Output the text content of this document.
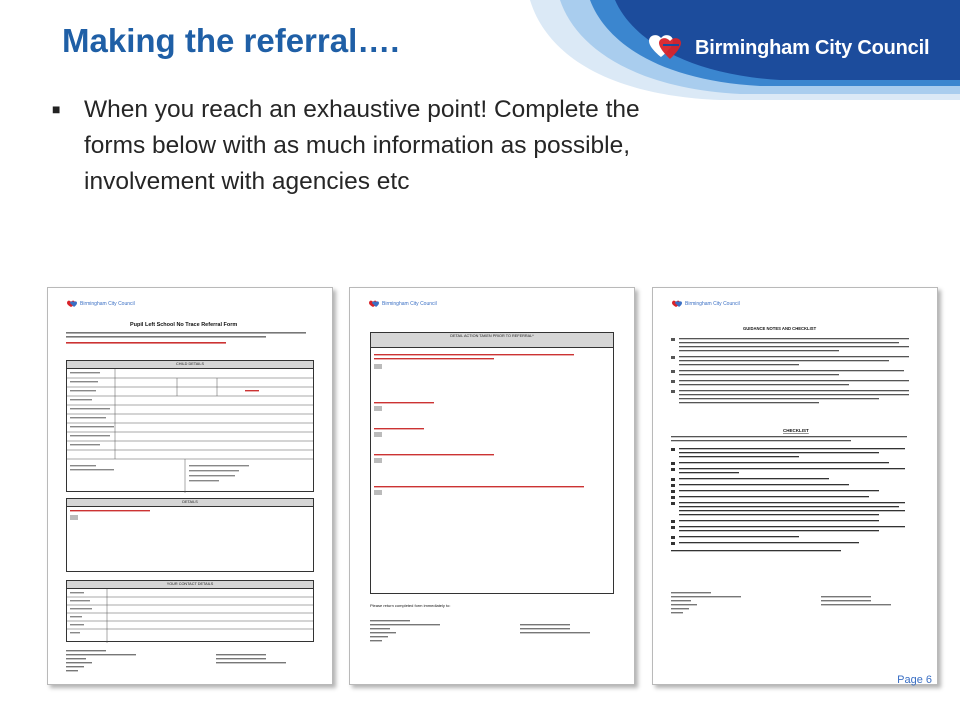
Making the referral….	Birmingham City Council
■ When you reach an exhaustive point! Complete the forms below with as much information as possible, involvement with agencies etc
Birmingham City Council
Pupil Left School No Trace Referral Form
CHILD DETAILS
DETAILS
YOUR CONTACT DETAILS
Birmingham City Council
DETAIL ACTION TAKEN PRIOR TO REFERRAL*
Please return completed form immediately to:
Birmingham City Council
GUIDANCE NOTES AND CHECKLIST
CHECKLIST
Page 6
